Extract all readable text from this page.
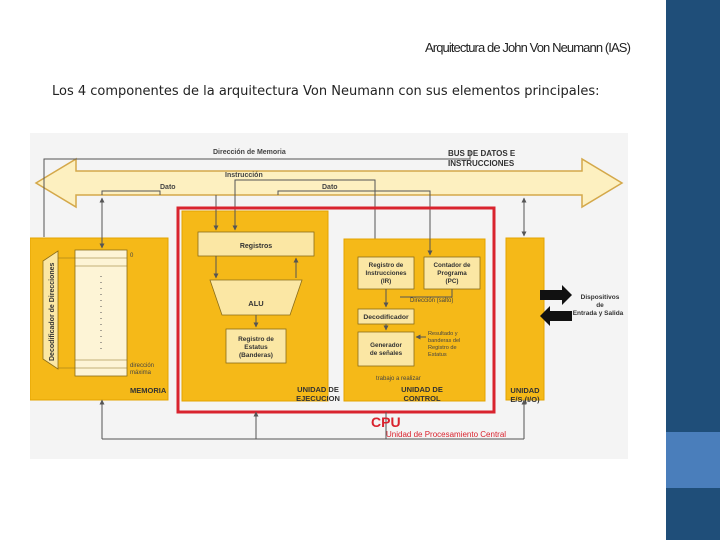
Arquitectura de John Von Neumann (IAS)
Los 4 componentes de la arquitectura Von Neumann con sus elementos principales:
BUS DE DATOS E
INSTRUCCIONES
Dirección de Memoria
Instrucción
Dato	Dato
Decodificador de Direcciones
0
dirección
máxima
MEMORIA
Registros
ALU
Registro de
Estatus
(Banderas)
UNIDAD DE
EJECUCION
Registro de
Instrucciones
(IR)
Contador de
Programa
(PC)
Dirección (salto)
Decodificador
Generador
de señales
Resultado y
banderas del
Registro de
Estatus
trabajo a realizar
UNIDAD DE
CONTROL
UNIDAD
E/S (I/O)
Dispositivos
de
Entrada y Salida
CPU
Unidad de Procesamiento Central
